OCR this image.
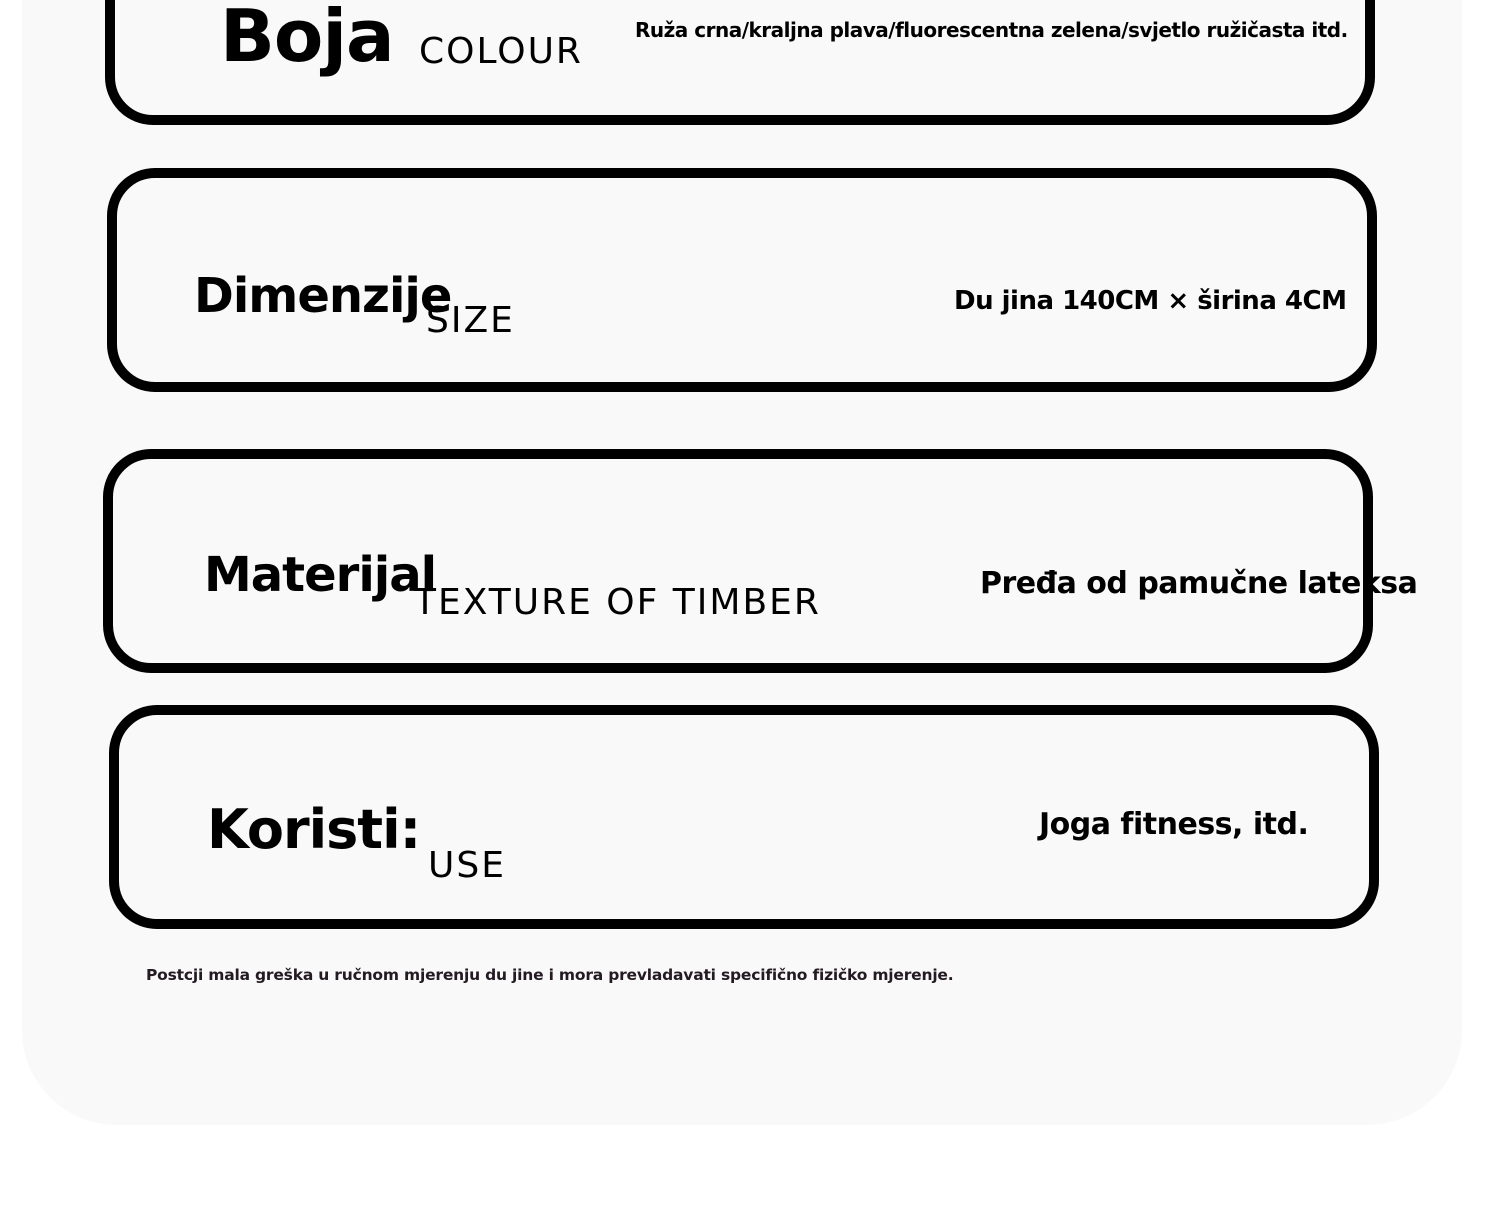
Boja COLOUR
Ruža crna/kraljna plava/fluorescentna zelena/svjetlo ružičasta itd.
Dimenzije
SIZE	Du jina 140CM × širina 4CM
Materijal
TEXTURE OF TIMBER	Pređa od pamučne lateksa
Koristi:
USE
Joga fitness, itd.
Postcji mala greška u ručnom mjerenju du jine i mora prevladavati specifično fizičko mjerenje.
